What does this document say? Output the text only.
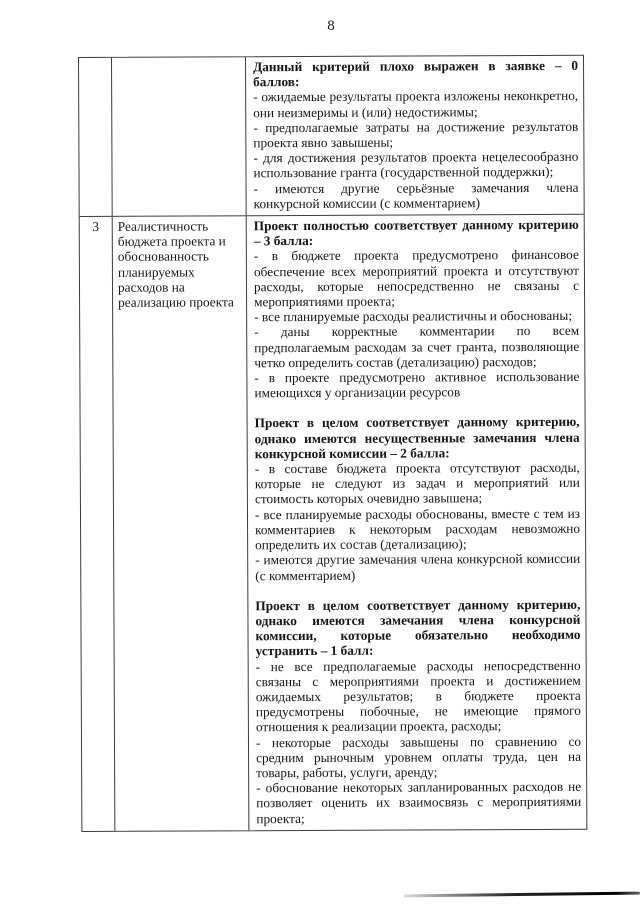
8
Данный критерий плохо выражен в заявке – 0 баллов:
- ожидаемые результаты проекта изложены неконкретно, они неизмеримы и (или) недостижимы;
- предполагаемые затраты на достижение результатов проекта явно завышены;
- для достижения результатов проекта нецелесообразно использование гранта (государственной поддержки);
- имеются другие серьёзные замечания члена конкурсной комиссии (с комментарием)
3	Реалистичность бюджета проекта и обоснованность планируемых расходов на реализацию проекта
Проект полностью соответствует данному критерию – 3 балла:
- в бюджете проекта предусмотрено финансовое обеспечение всех мероприятий проекта и отсутствуют расходы, которые непосредственно не связаны с мероприятиями проекта;
- все планируемые расходы реалистичны и обоснованы;
- даны корректные комментарии по всем предполагаемым расходам за счет гранта, позволяющие четко определить состав (детализацию) расходов;
- в проекте предусмотрено активное использование имеющихся у организации ресурсов
Проект в целом соответствует данному критерию, однако имеются несущественные замечания члена конкурсной комиссии – 2 балла:
- в составе бюджета проекта отсутствуют расходы, которые не следуют из задач и мероприятий или стоимость которых очевидно завышена;
- все планируемые расходы обоснованы, вместе с тем из комментариев к некоторым расходам невозможно определить их состав (детализацию);
- имеются другие замечания члена конкурсной комиссии (с комментарием)
Проект в целом соответствует данному критерию, однако имеются замечания члена конкурсной комиссии, которые обязательно необходимо устранить – 1 балл:
- не все предполагаемые расходы непосредственно связаны с мероприятиями проекта и достижением ожидаемых результатов; в бюджете проекта предусмотрены побочные, не имеющие прямого отношения к реализации проекта, расходы;
- некоторые расходы завышены по сравнению со средним рыночным уровнем оплаты труда, цен на товары, работы, услуги, аренду;
- обоснование некоторых запланированных расходов не позволяет оценить их взаимосвязь с мероприятиями проекта;
